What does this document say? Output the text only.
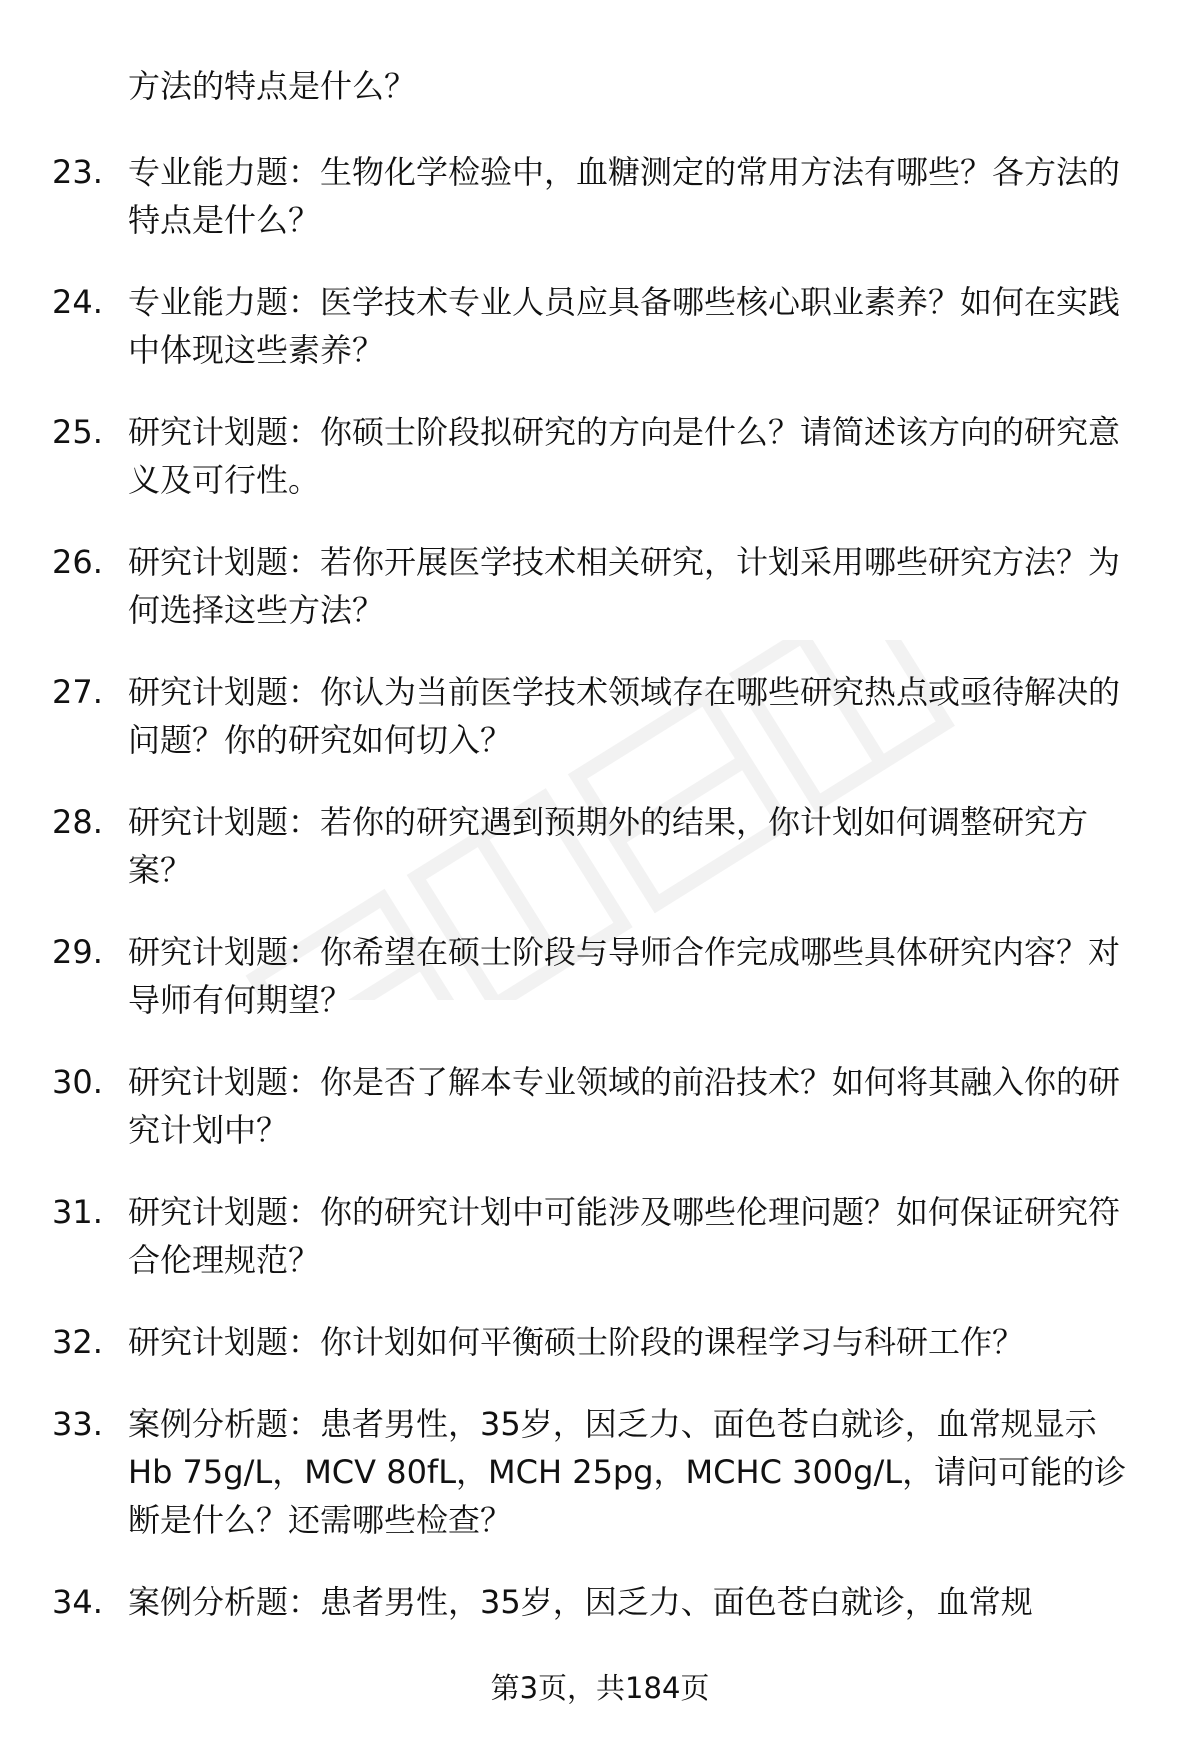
方法的特点是什么？
23. 专业能力题：生物化学检验中，血糖测定的常用方法有哪些？各方法的特点是什么？
24. 专业能力题：医学技术专业人员应具备哪些核心职业素养？如何在实践中体现这些素养？
25. 研究计划题：你硕士阶段拟研究的方向是什么？请简述该方向的研究意义及可行性。
26. 研究计划题：若你开展医学技术相关研究，计划采用哪些研究方法？为何选择这些方法？
27. 研究计划题：你认为当前医学技术领域存在哪些研究热点或亟待解决的问题？你的研究如何切入？
28. 研究计划题：若你的研究遇到预期外的结果，你计划如何调整研究方案？
29. 研究计划题：你希望在硕士阶段与导师合作完成哪些具体研究内容？对导师有何期望？
30. 研究计划题：你是否了解本专业领域的前沿技术？如何将其融入你的研究计划中？
31. 研究计划题：你的研究计划中可能涉及哪些伦理问题？如何保证研究符合伦理规范？
32. 研究计划题：你计划如何平衡硕士阶段的课程学习与科研工作？
33. 案例分析题：患者男性，35岁，因乏力、面色苍白就诊，血常规显示Hb 75g/L，MCV 80fL，MCH 25pg，MCHC 300g/L，请问可能的诊断是什么？还需哪些检查？
34. 案例分析题：患者男性，35岁，因乏力、面色苍白就诊，血常规
第3页，共184页
